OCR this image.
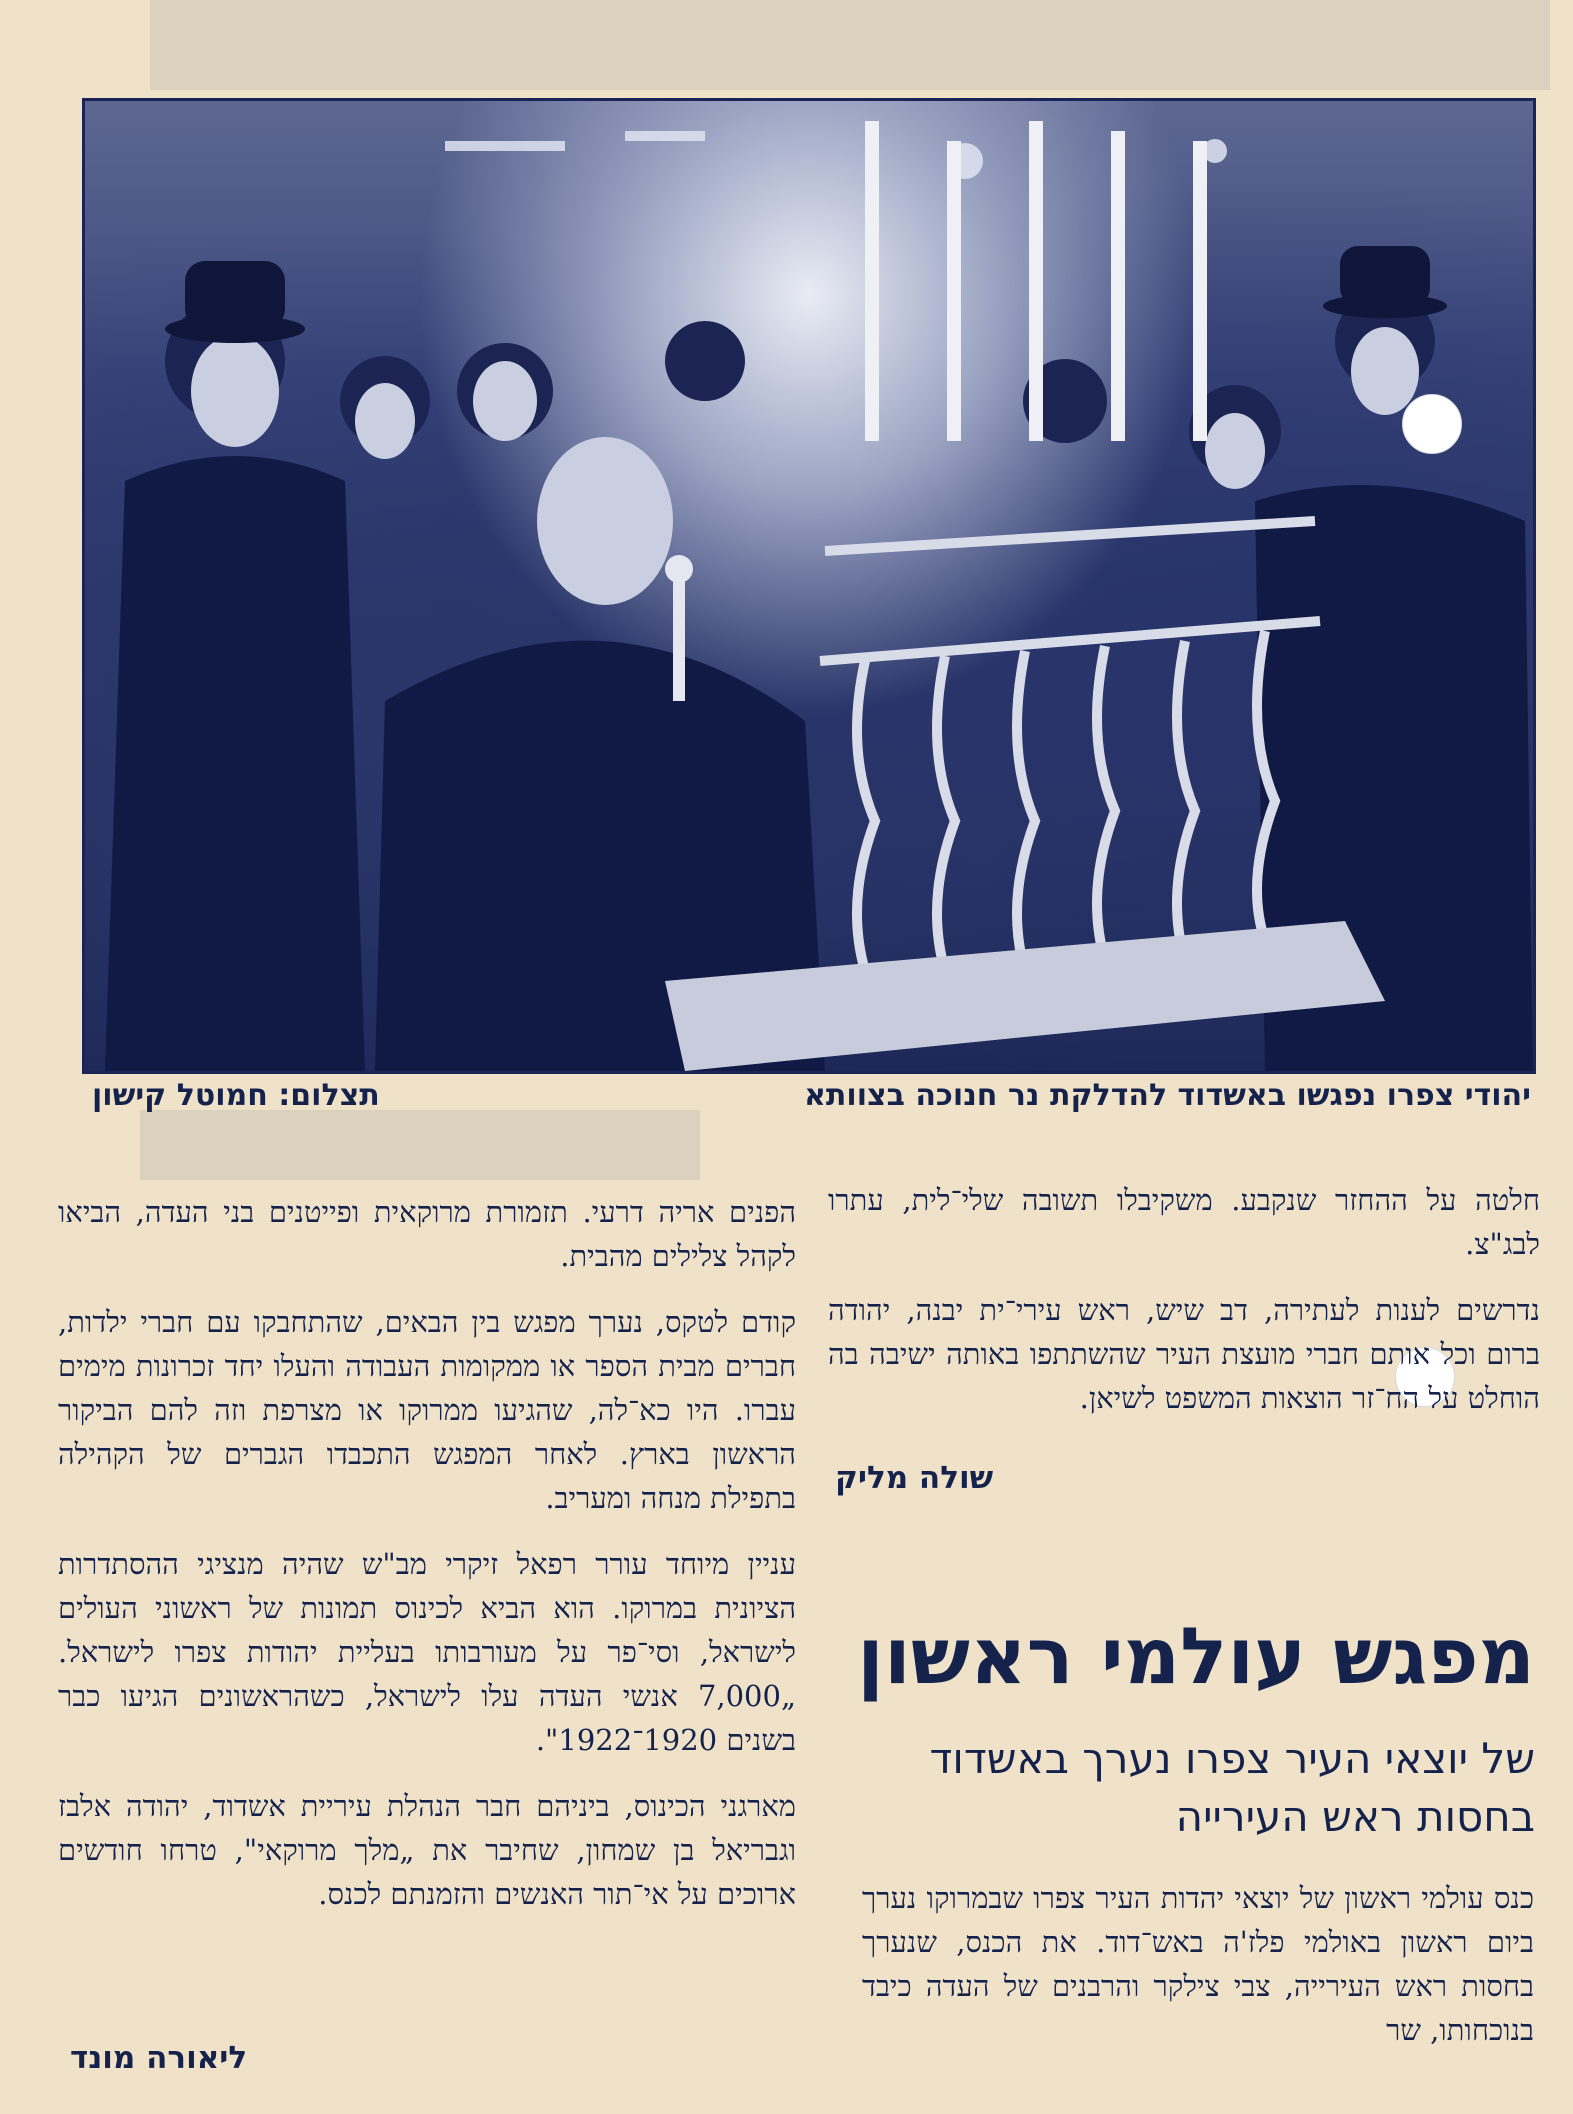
יהודי צפרו נפגשו באשדוד להדלקת נר חנוכה בצוותא
תצלום: חמוטל קישון

חלטה על ההחזר שנקבע. משקיבלו תשובה שלי־לית, עתרו לבג"צ.

נדרשים לענות לעתירה, דב שיש, ראש עירי־ית יבנה, יהודה ברום וכל אותם חברי מועצת העיר שהשתתפו באותה ישיבה בה הוחלט על הח־זר הוצאות המשפט לשיאן.

שולה מליק
מפגש עולמי ראשון
של יוצאי העיר צפרו נערך באשדוד בחסות ראש העירייה

כנס עולמי ראשון של יוצאי יהדות העיר צפרו שבמרוקו נערך ביום ראשון באולמי פלז'ה באש־דוד. את הכנס, שנערך בחסות ראש העירייה, צבי צילקר והרבנים של העדה כיבד בנוכחותו, שר

הפנים אריה דרעי. תזמורת מרוקאית ופייטנים בני העדה, הביאו לקהל צלילים מהבית.

קודם לטקס, נערך מפגש בין הבאים, שהתחבקו עם חברי ילדות, חברים מבית הספר או ממקומות העבודה והעלו יחד זכרונות מימים עברו. היו כא־לה, שהגיעו ממרוקו או מצרפת וזה להם הביקור הראשון בארץ. לאחר המפגש התכבדו הגברים של הקהילה בתפילת מנחה ומעריב.

עניין מיוחד עורר רפאל זיקרי מב"ש שהיה מנציגי ההסתדרות הציונית במרוקו. הוא הביא לכינוס תמונות של ראשוני העולים לישראל, וסי־פר על מעורבותו בעליית יהודות צפרו לישראל. „7,000 אנשי העדה עלו לישראל, כשהראשונים הגיעו כבר בשנים 1920־1922".

מארגני הכינוס, ביניהם חבר הנהלת עיריית אשדוד, יהודה אלבז וגבריאל בן שמחון, שחיבר את „מלך מרוקאי", טרחו חודשים ארוכים על אי־תור האנשים והזמנתם לכנס.

ליאורה מונד
